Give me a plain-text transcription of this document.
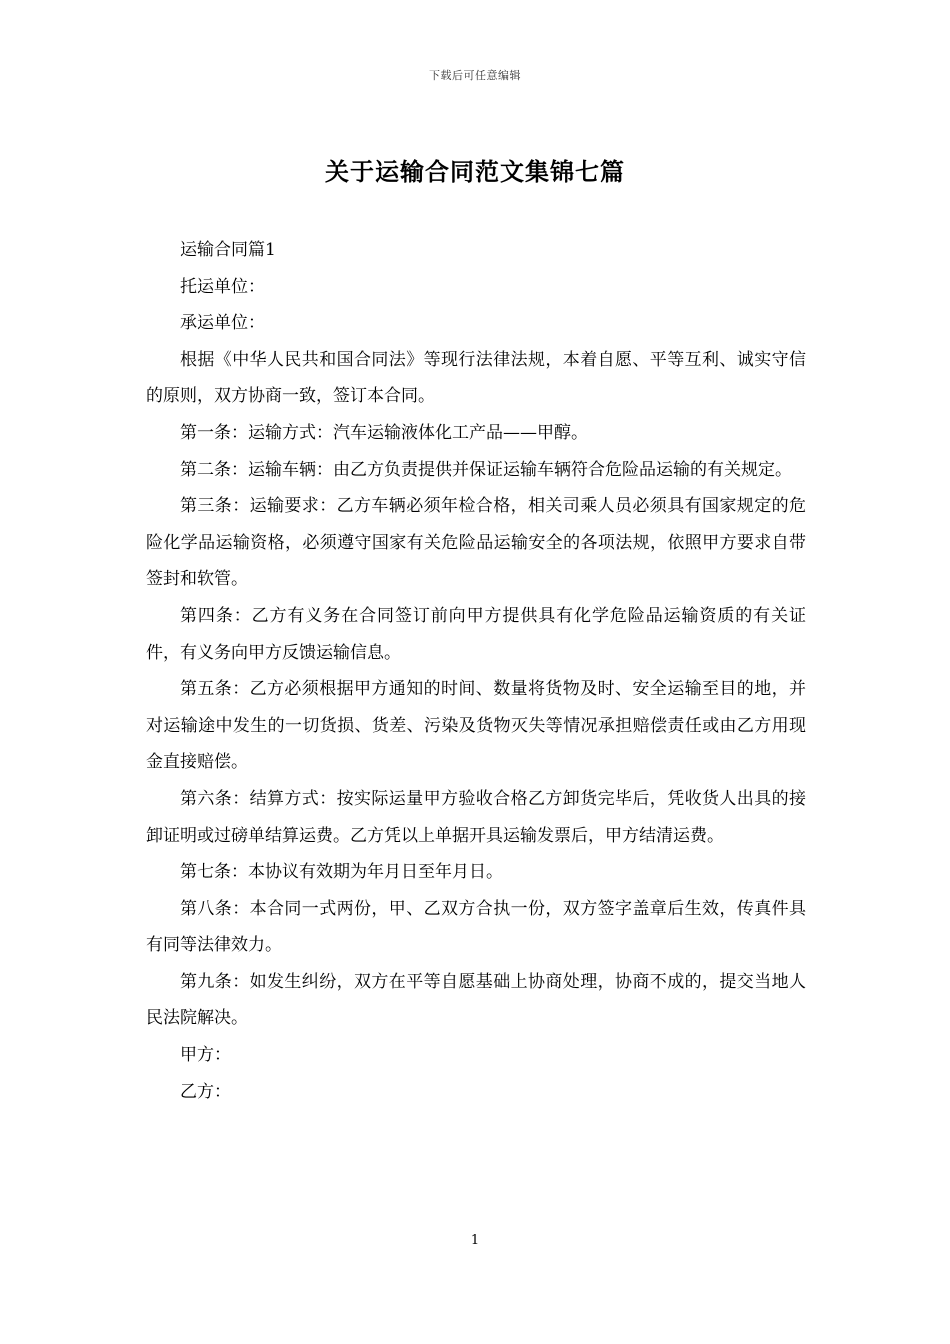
下载后可任意编辑
关于运输合同范文集锦七篇

运输合同篇1

托运单位：

承运单位：

根据《中华人民共和国合同法》等现行法律法规，本着自愿、平等互利、诚实守信的原则，双方协商一致，签订本合同。

第一条：运输方式：汽车运输液体化工产品——甲醇。

第二条：运输车辆：由乙方负责提供并保证运输车辆符合危险品运输的有关规定。

第三条：运输要求：乙方车辆必须年检合格，相关司乘人员必须具有国家规定的危险化学品运输资格，必须遵守国家有关危险品运输安全的各项法规，依照甲方要求自带签封和软管。

第四条：乙方有义务在合同签订前向甲方提供具有化学危险品运输资质的有关证件，有义务向甲方反馈运输信息。

第五条：乙方必须根据甲方通知的时间、数量将货物及时、安全运输至目的地，并对运输途中发生的一切货损、货差、污染及货物灭失等情况承担赔偿责任或由乙方用现金直接赔偿。

第六条：结算方式：按实际运量甲方验收合格乙方卸货完毕后，凭收货人出具的接卸证明或过磅单结算运费。乙方凭以上单据开具运输发票后，甲方结清运费。

第七条：本协议有效期为年月日至年月日。

第八条：本合同一式两份，甲、乙双方合执一份，双方签字盖章后生效，传真件具有同等法律效力。

第九条：如发生纠纷，双方在平等自愿基础上协商处理，协商不成的，提交当地人民法院解决。

甲方：

乙方：

1
